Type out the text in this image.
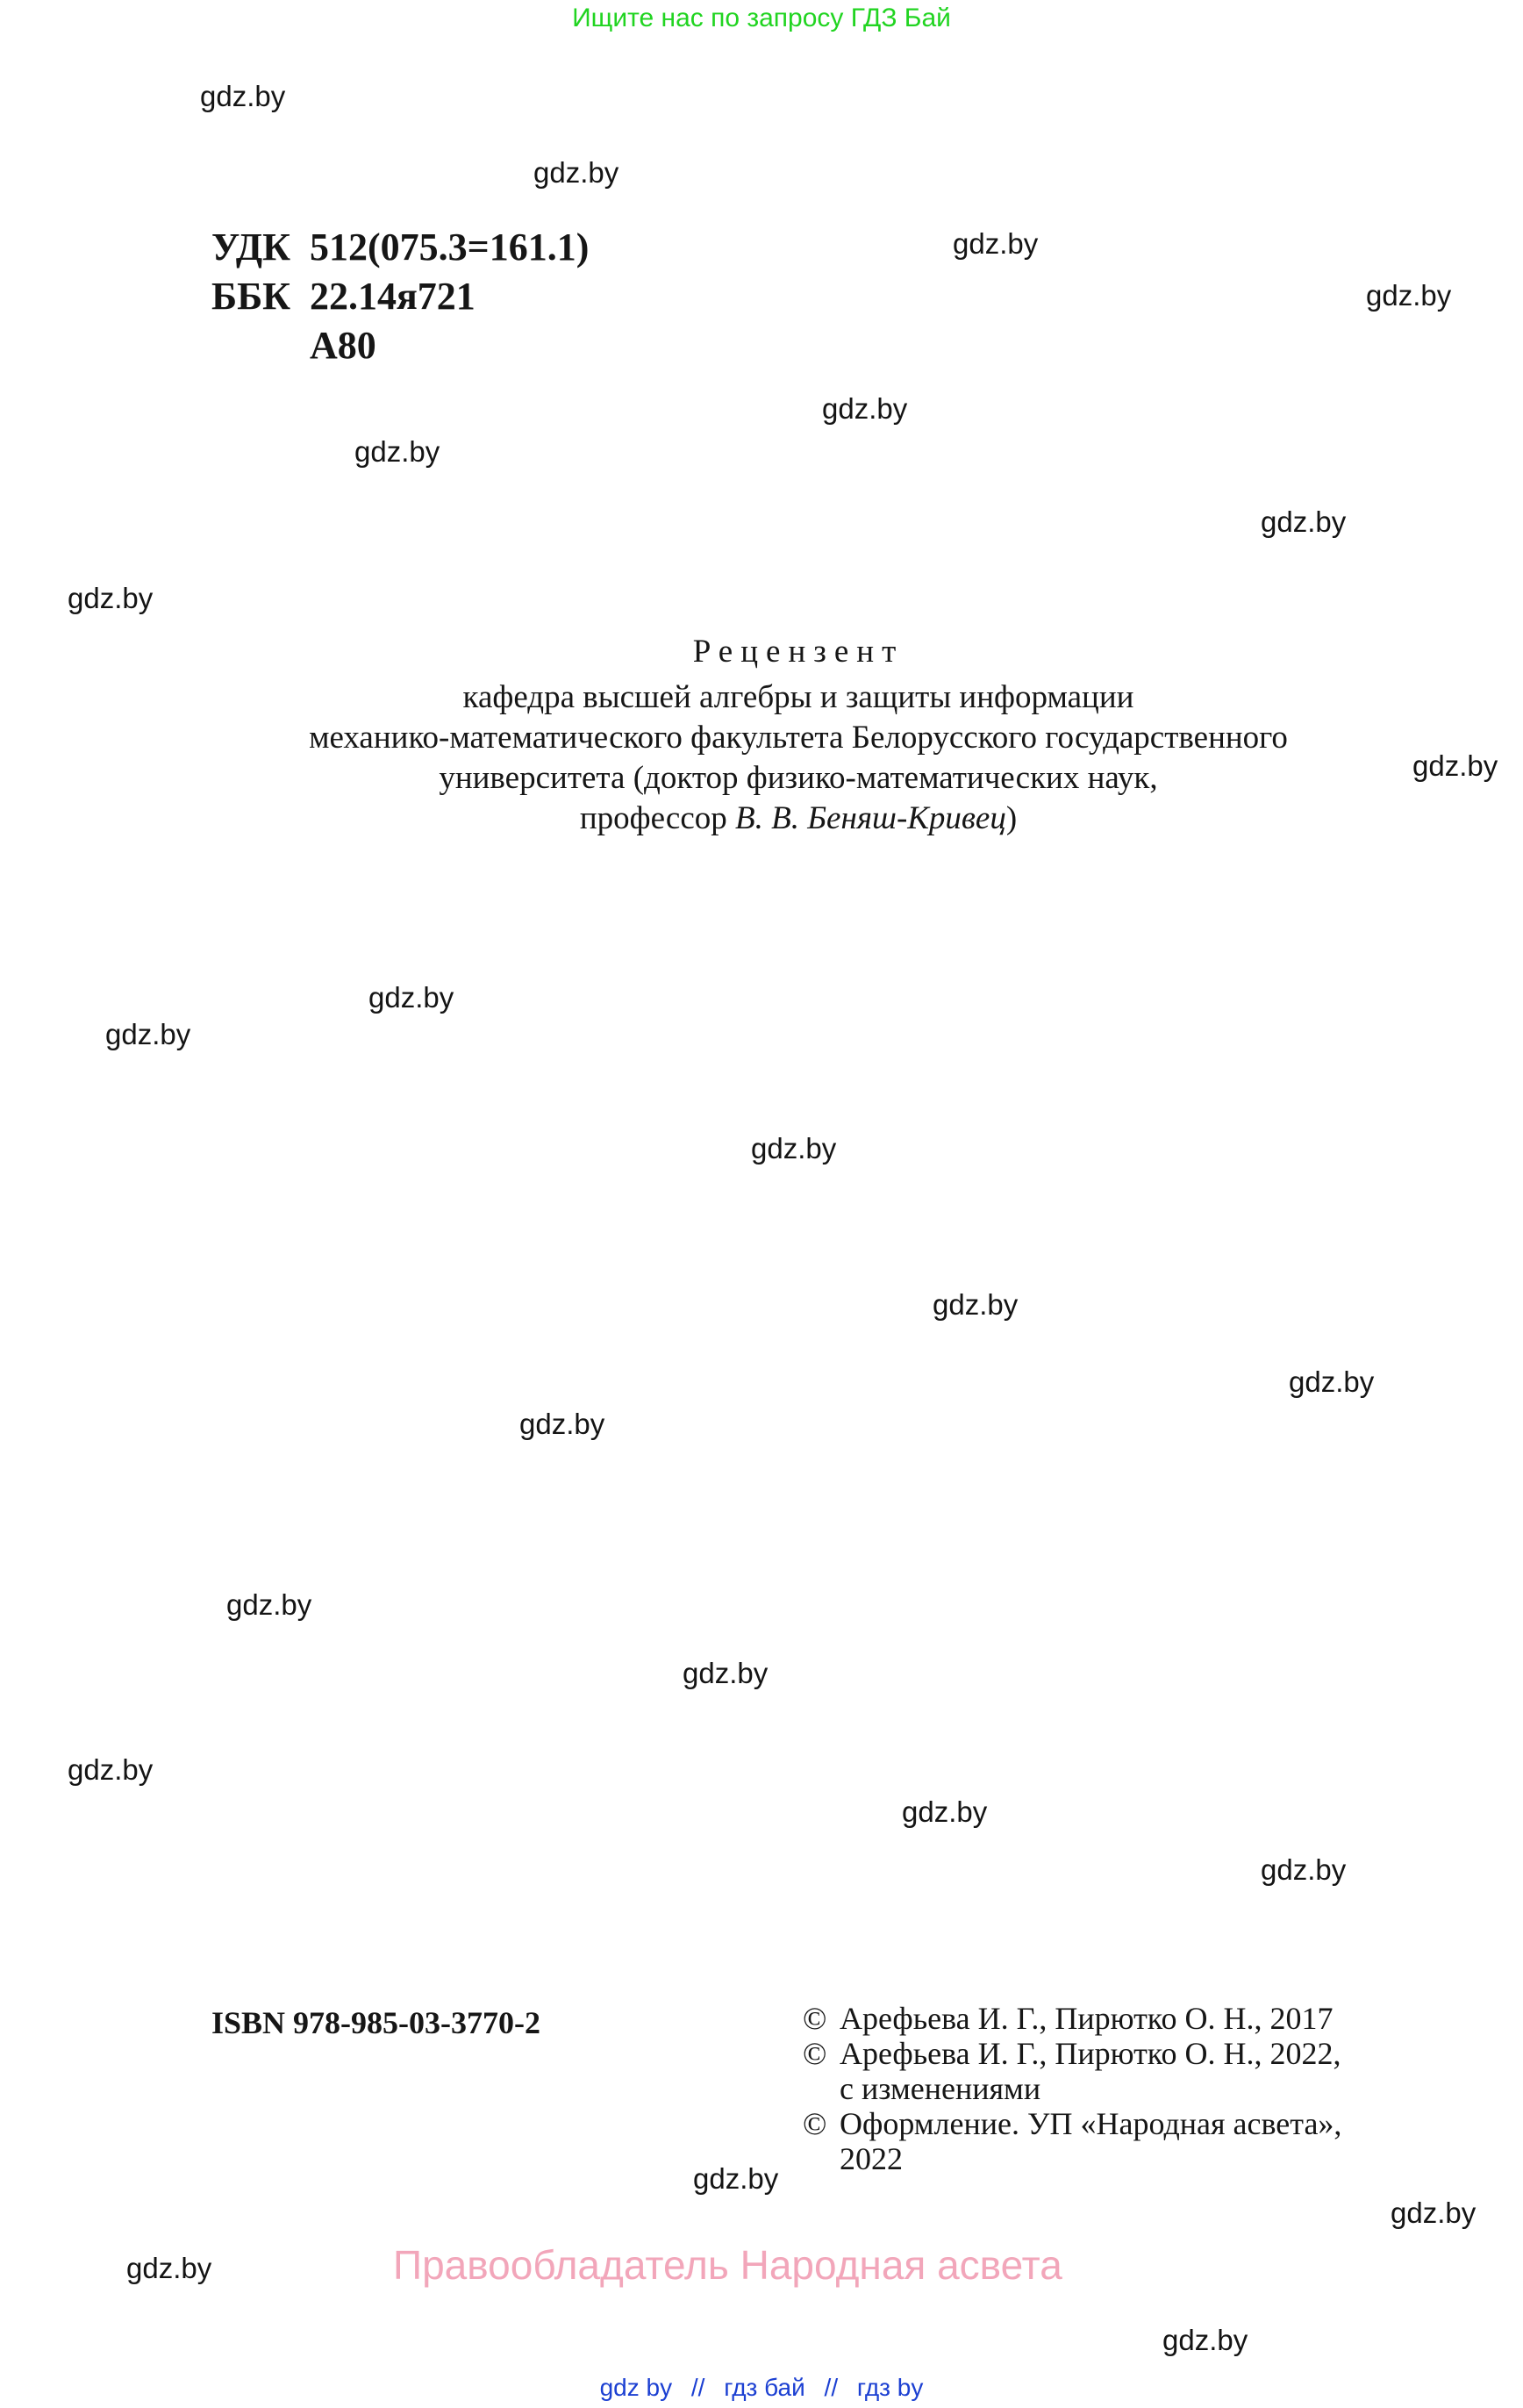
Ищите нас по запросу ГДЗ Бай
УДК 512(075.3=161.1)
ББК 22.14я721
А80
Рецензент
кафедра высшей алгебры и защиты информации
механико-математического факультета Белорусского государственного
университета (доктор физико-математических наук,
профессор В. В. Беняш-Кривец)
ISBN 978-985-03-3770-2	© Арефьева И. Г., Пирютко О. Н., 2017
© Арефьева И. Г., Пирютко О. Н., 2022,
с изменениями
© Оформление. УП «Народная асвета»,
2022
Правообладатель Народная асвета
gdz by // гдз бай // гдз by
gdz.by
gdz.by
gdz.by
gdz.by
gdz.by
gdz.by
gdz.by
gdz.by
gdz.by
gdz.by
gdz.by
gdz.by
gdz.by
gdz.by
gdz.by
gdz.by
gdz.by
gdz.by
gdz.by
gdz.by
gdz.by
gdz.by
gdz.by
gdz.by
